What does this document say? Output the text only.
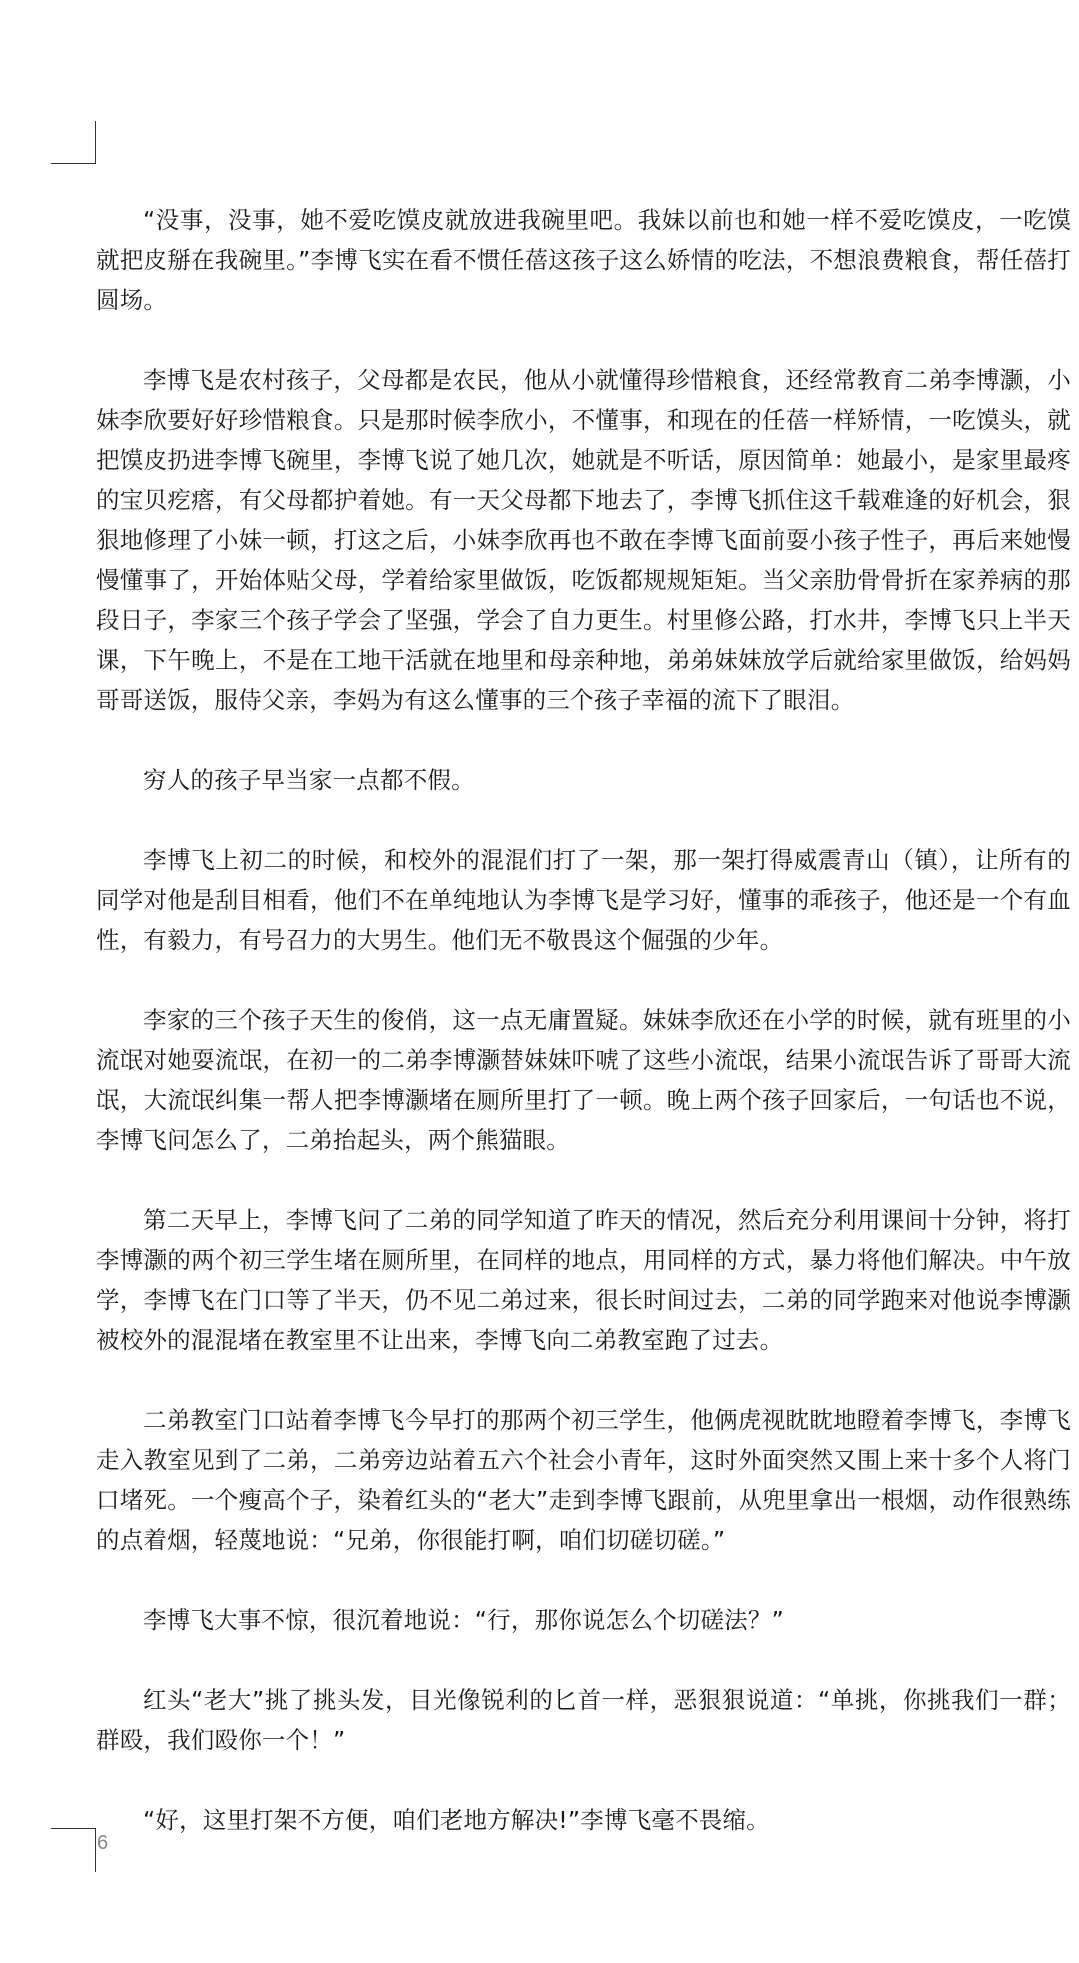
“没事，没事，她不爱吃馍皮就放进我碗里吧。我妹以前也和她一样不爱吃馍皮，一吃馍就把皮掰在我碗里。”李博飞实在看不惯任蓓这孩子这么娇情的吃法，不想浪费粮食，帮任蓓打圆场。

李博飞是农村孩子，父母都是农民，他从小就懂得珍惜粮食，还经常教育二弟李博灏，小妹李欣要好好珍惜粮食。只是那时候李欣小，不懂事，和现在的任蓓一样矫情，一吃馍头，就把馍皮扔进李博飞碗里，李博飞说了她几次，她就是不听话，原因简单：她最小，是家里最疼的宝贝疙瘩，有父母都护着她。有一天父母都下地去了，李博飞抓住这千载难逢的好机会，狠狠地修理了小妹一顿，打这之后，小妹李欣再也不敢在李博飞面前耍小孩子性子，再后来她慢慢懂事了，开始体贴父母，学着给家里做饭，吃饭都规规矩矩。当父亲肋骨骨折在家养病的那段日子，李家三个孩子学会了坚强，学会了自力更生。村里修公路，打水井，李博飞只上半天课，下午晚上，不是在工地干活就在地里和母亲种地，弟弟妹妹放学后就给家里做饭，给妈妈哥哥送饭，服侍父亲，李妈为有这么懂事的三个孩子幸福的流下了眼泪。

穷人的孩子早当家一点都不假。

李博飞上初二的时候，和校外的混混们打了一架，那一架打得威震青山（镇），让所有的同学对他是刮目相看，他们不在单纯地认为李博飞是学习好，懂事的乖孩子，他还是一个有血性，有毅力，有号召力的大男生。他们无不敬畏这个倔强的少年。

李家的三个孩子天生的俊俏，这一点无庸置疑。妹妹李欣还在小学的时候，就有班里的小流氓对她耍流氓，在初一的二弟李博灏替妹妹吓唬了这些小流氓，结果小流氓告诉了哥哥大流氓，大流氓纠集一帮人把李博灏堵在厕所里打了一顿。晚上两个孩子回家后，一句话也不说，李博飞问怎么了，二弟抬起头，两个熊猫眼。

第二天早上，李博飞问了二弟的同学知道了昨天的情况，然后充分利用课间十分钟，将打李博灏的两个初三学生堵在厕所里，在同样的地点，用同样的方式，暴力将他们解决。中午放学，李博飞在门口等了半天，仍不见二弟过来，很长时间过去，二弟的同学跑来对他说李博灏被校外的混混堵在教室里不让出来，李博飞向二弟教室跑了过去。

二弟教室门口站着李博飞今早打的那两个初三学生，他俩虎视眈眈地瞪着李博飞，李博飞走入教室见到了二弟，二弟旁边站着五六个社会小青年，这时外面突然又围上来十多个人将门口堵死。一个瘦高个子，染着红头的“老大”走到李博飞跟前，从兜里拿出一根烟，动作很熟练的点着烟，轻蔑地说：“兄弟，你很能打啊，咱们切磋切磋。”

李博飞大事不惊，很沉着地说：“行，那你说怎么个切磋法？”

红头“老大”挑了挑头发，目光像锐利的匕首一样，恶狠狠说道：“单挑，你挑我们一群；群殴，我们殴你一个！”

“好，这里打架不方便，咱们老地方解决!”李博飞毫不畏缩。

6
